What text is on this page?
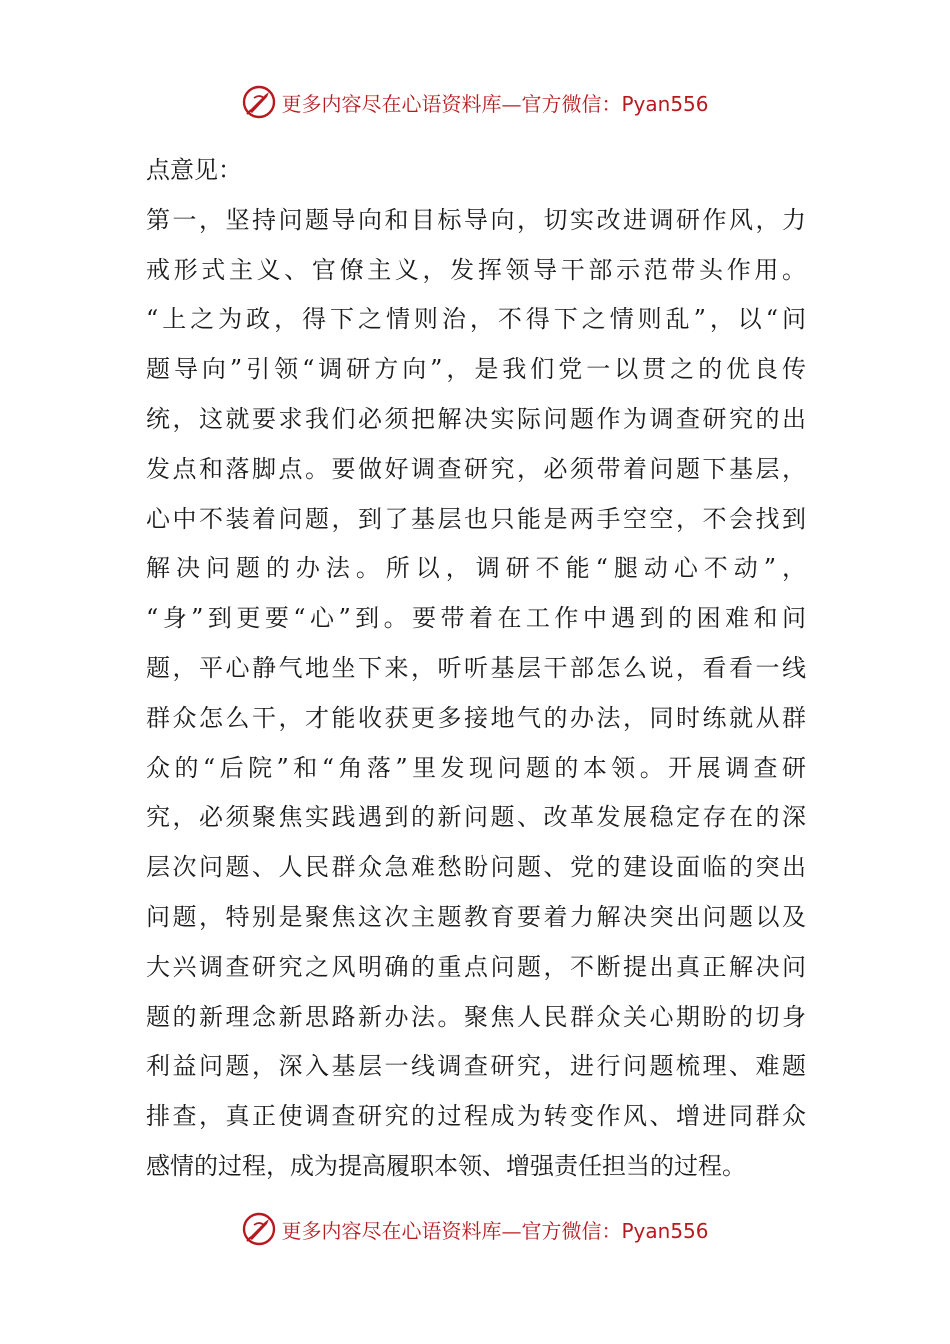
更多内容尽在心语资料库—官方微信：Pyan556
点意见：
第一，坚持问题导向和目标导向，切实改进调研作风，力
戒形式主义、官僚主义，发挥领导干部示范带头作用。
“上之为政，得下之情则治，不得下之情则乱”，以“问
题导向”引领“调研方向”，是我们党一以贯之的优良传
统，这就要求我们必须把解决实际问题作为调查研究的出
发点和落脚点。要做好调查研究，必须带着问题下基层，
心中不装着问题，到了基层也只能是两手空空，不会找到
解决问题的办法。所以，调研不能“腿动心不动”，
“身”到更要“心”到。要带着在工作中遇到的困难和问
题，平心静气地坐下来，听听基层干部怎么说，看看一线
群众怎么干，才能收获更多接地气的办法，同时练就从群
众的“后院”和“角落”里发现问题的本领。开展调查研
究，必须聚焦实践遇到的新问题、改革发展稳定存在的深
层次问题、人民群众急难愁盼问题、党的建设面临的突出
问题，特别是聚焦这次主题教育要着力解决突出问题以及
大兴调查研究之风明确的重点问题，不断提出真正解决问
题的新理念新思路新办法。聚焦人民群众关心期盼的切身
利益问题，深入基层一线调查研究，进行问题梳理、难题
排查，真正使调查研究的过程成为转变作风、增进同群众
感情的过程，成为提高履职本领、增强责任担当的过程。
更多内容尽在心语资料库—官方微信：Pyan556
